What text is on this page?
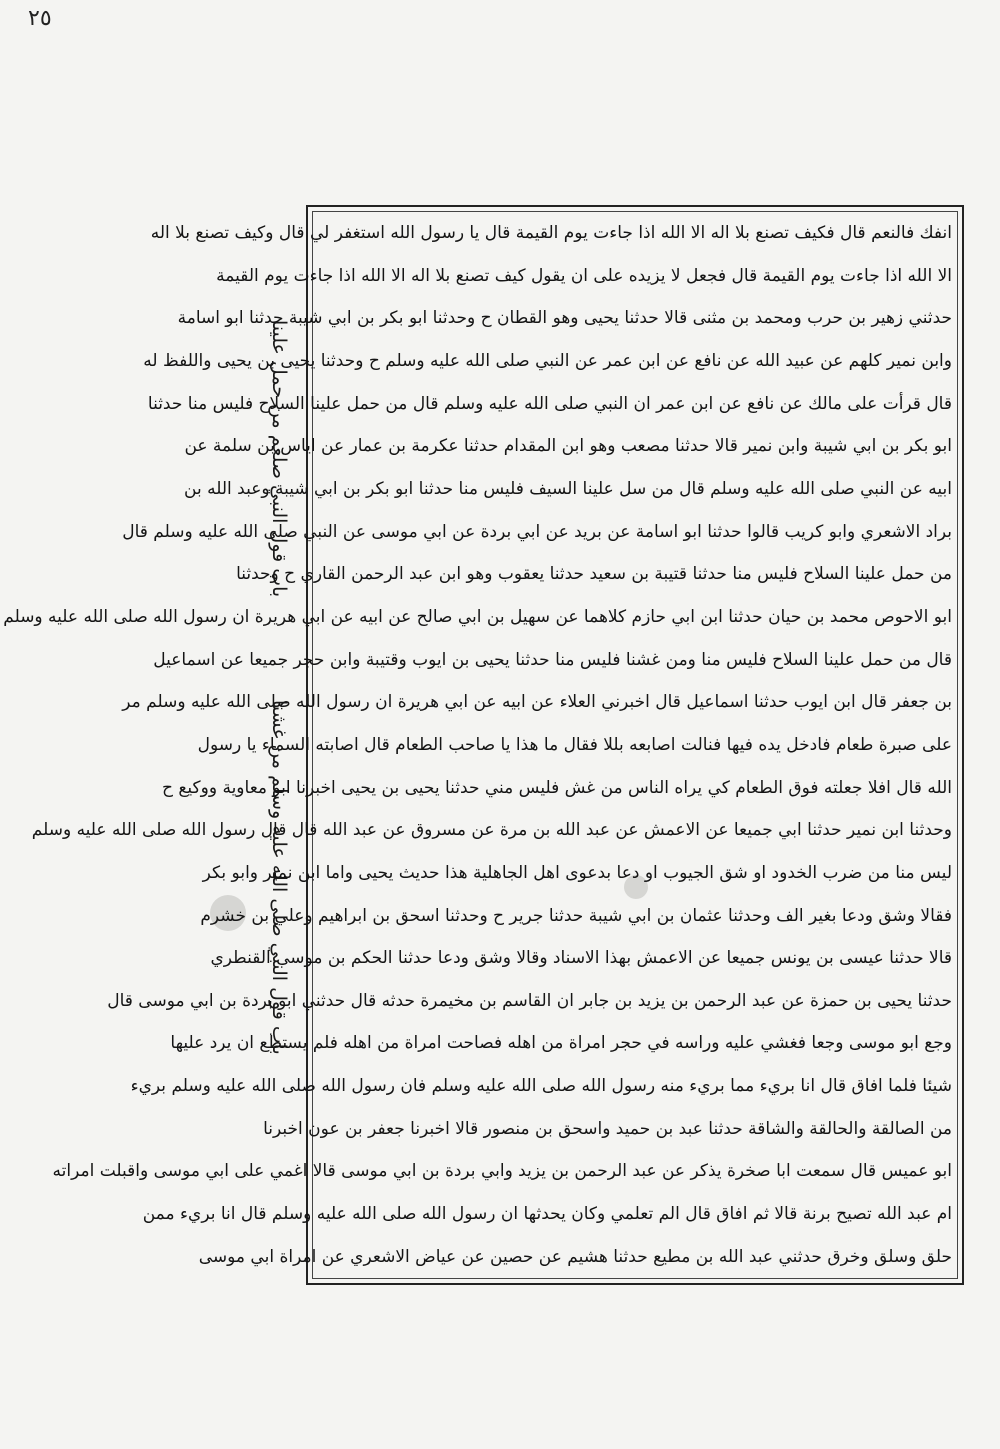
٢٥
باب قول النبي صلعم من حمل علينا
باب قول النبي صلى الله عليه وسلم من غشنا
انفك فالنعم قال فكيف تصنع بلا اله الا الله اذا جاءت يوم القيمة قال يا رسول الله استغفر لي قال وكيف تصنع بلا اله
الا الله اذا جاءت يوم القيمة قال فجعل لا يزيده على ان يقول كيف تصنع بلا اله الا الله اذا جاءت يوم القيمة
حدثني زهير بن حرب ومحمد بن مثنى قالا حدثنا يحيى وهو القطان ح وحدثنا ابو بكر بن ابي شيبة حدثنا ابو اسامة
وابن نمير كلهم عن عبيد الله عن نافع عن ابن عمر عن النبي صلى الله عليه وسلم ح وحدثنا يحيى بن يحيى واللفظ له
قال قرأت على مالك عن نافع عن ابن عمر ان النبي صلى الله عليه وسلم قال من حمل علينا السلاح فليس منا حدثنا
ابو بكر بن ابي شيبة وابن نمير قالا حدثنا مصعب وهو ابن المقدام حدثنا عكرمة بن عمار عن اياس بن سلمة عن
ابيه عن النبي صلى الله عليه وسلم قال من سل علينا السيف فليس منا حدثنا ابو بكر بن ابي شيبة وعبد الله بن
براد الاشعري وابو كريب قالوا حدثنا ابو اسامة عن بريد عن ابي بردة عن ابي موسى عن النبي صلى الله عليه وسلم قال
من حمل علينا السلاح فليس منا حدثنا قتيبة بن سعيد حدثنا يعقوب وهو ابن عبد الرحمن القاري ح وحدثنا
ابو الاحوص محمد بن حيان حدثنا ابن ابي حازم كلاهما عن سهيل بن ابي صالح عن ابيه عن ابي هريرة ان رسول الله صلى الله عليه وسلم
قال من حمل علينا السلاح فليس منا ومن غشنا فليس منا حدثنا يحيى بن ايوب وقتيبة وابن حجر جميعا عن اسماعيل
بن جعفر قال ابن ايوب حدثنا اسماعيل قال اخبرني العلاء عن ابيه عن ابي هريرة ان رسول الله صلى الله عليه وسلم مر
على صبرة طعام فادخل يده فيها فنالت اصابعه بللا فقال ما هذا يا صاحب الطعام قال اصابته السماء يا رسول
الله قال افلا جعلته فوق الطعام كي يراه الناس من غش فليس مني حدثنا يحيى بن يحيى اخبرنا ابو معاوية ووكيع ح
وحدثنا ابن نمير حدثنا ابي جميعا عن الاعمش عن عبد الله بن مرة عن مسروق عن عبد الله قال قال رسول الله صلى الله عليه وسلم
ليس منا من ضرب الخدود او شق الجيوب او دعا بدعوى اهل الجاهلية هذا حديث يحيى واما ابن نمير وابو بكر
فقالا وشق ودعا بغير الف وحدثنا عثمان بن ابي شيبة حدثنا جرير ح وحدثنا اسحق بن ابراهيم وعلي بن خشرم
قالا حدثنا عيسى بن يونس جميعا عن الاعمش بهذا الاسناد وقالا وشق ودعا حدثنا الحكم بن موسى القنطري
حدثنا يحيى بن حمزة عن عبد الرحمن بن يزيد بن جابر ان القاسم بن مخيمرة حدثه قال حدثني ابو بردة بن ابي موسى قال
وجع ابو موسى وجعا فغشي عليه وراسه في حجر امراة من اهله فصاحت امراة من اهله فلم يستطع ان يرد عليها
شيئا فلما افاق قال انا بريء مما بريء منه رسول الله صلى الله عليه وسلم فان رسول الله صلى الله عليه وسلم بريء
من الصالقة والحالقة والشاقة حدثنا عبد بن حميد واسحق بن منصور قالا اخبرنا جعفر بن عون اخبرنا
ابو عميس قال سمعت ابا صخرة يذكر عن عبد الرحمن بن يزيد وابي بردة بن ابي موسى قالا اغمي على ابي موسى واقبلت امراته
ام عبد الله تصيح برنة قالا ثم افاق قال الم تعلمي وكان يحدثها ان رسول الله صلى الله عليه وسلم قال انا بريء ممن
حلق وسلق وخرق حدثني عبد الله بن مطيع حدثنا هشيم عن حصين عن عياض الاشعري عن امراة ابي موسى
